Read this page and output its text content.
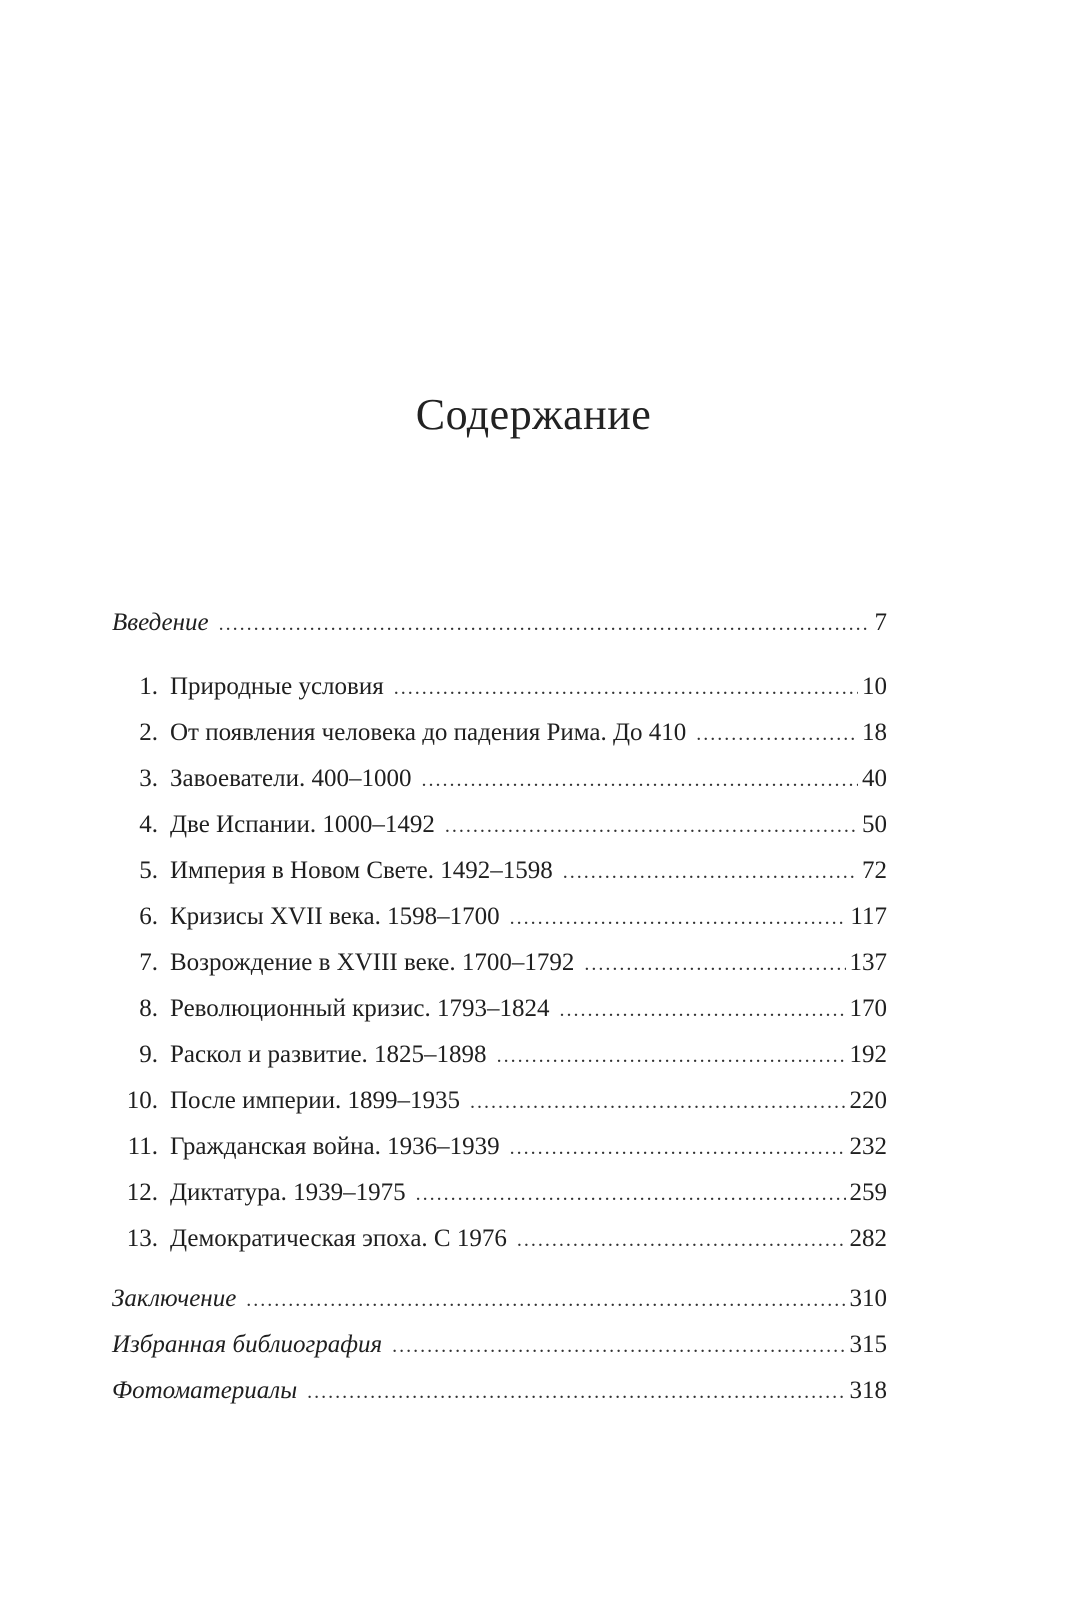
Содержание
Введение .....	7
1. Природные условия .....	10
2. От появления человека до падения Рима. До 410 .....	18
3. Завоеватели. 400–1000 .....	40
4. Две Испании. 1000–1492 .....	50
5. Империя в Новом Свете. 1492–1598 .....	72
6. Кризисы XVII века. 1598–1700 .....	117
7. Возрождение в XVIII веке. 1700–1792 .....	137
8. Революционный кризис. 1793–1824 .....	170
9. Раскол и развитие. 1825–1898 .....	192
10. После империи. 1899–1935 .....	220
11. Гражданская война. 1936–1939 .....	232
12. Диктатура. 1939–1975 .....	259
13. Демократическая эпоха. С 1976 .....	282
Заключение .....	310
Избранная библиография .....	315
Фотоматериалы .....	318
